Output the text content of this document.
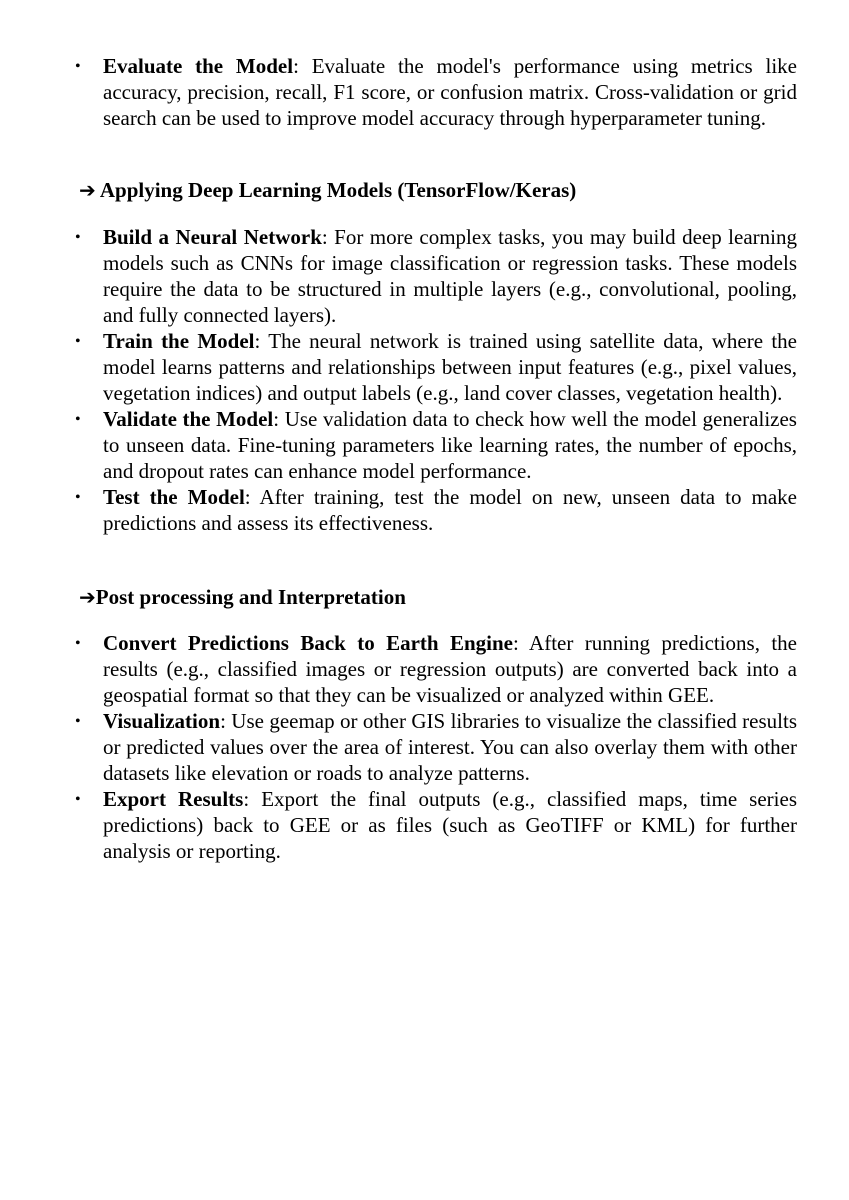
• Evaluate the Model: Evaluate the model's performance using metrics like accuracy, precision, recall, F1 score, or confusion matrix. Cross-validation or grid search can be used to improve model accuracy through hyperparameter tuning.
➔ Applying Deep Learning Models (TensorFlow/Keras)
• Build a Neural Network: For more complex tasks, you may build deep learning models such as CNNs for image classification or regression tasks. These models require the data to be structured in multiple layers (e.g., convolutional, pooling, and fully connected layers).
• Train the Model: The neural network is trained using satellite data, where the model learns patterns and relationships between input features (e.g., pixel values, vegetation indices) and output labels (e.g., land cover classes, vegetation health).
• Validate the Model: Use validation data to check how well the model generalizes to unseen data. Fine-tuning parameters like learning rates, the number of epochs, and dropout rates can enhance model performance.
• Test the Model: After training, test the model on new, unseen data to make predictions and assess its effectiveness.
➔Post processing and Interpretation
• Convert Predictions Back to Earth Engine: After running predictions, the results (e.g., classified images or regression outputs) are converted back into a geospatial format so that they can be visualized or analyzed within GEE.
• Visualization: Use geemap or other GIS libraries to visualize the classified results or predicted values over the area of interest. You can also overlay them with other datasets like elevation or roads to analyze patterns.
• Export Results: Export the final outputs (e.g., classified maps, time series predictions) back to GEE or as files (such as GeoTIFF or KML) for further analysis or reporting.
